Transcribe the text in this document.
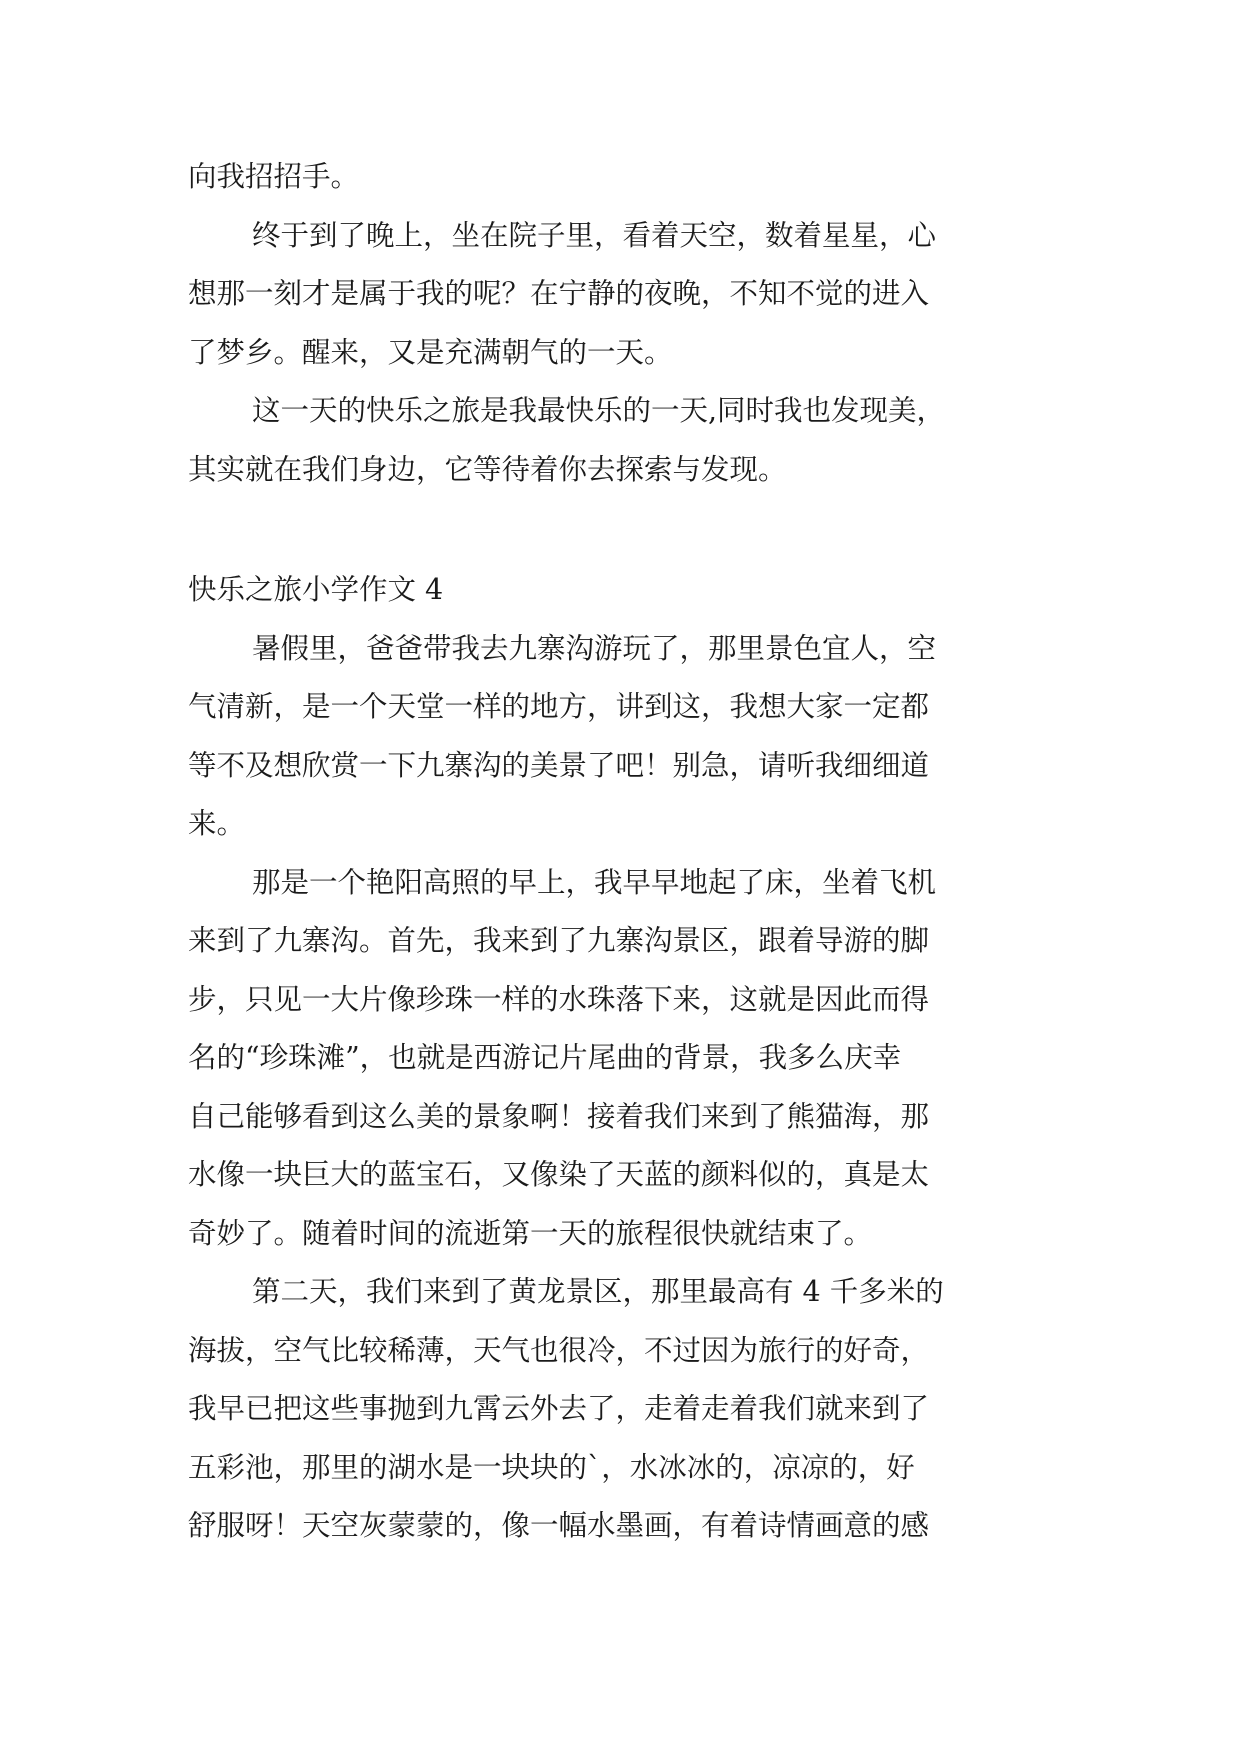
向我招招手。
终于到了晚上，坐在院子里，看着天空，数着星星，心
想那一刻才是属于我的呢？在宁静的夜晚，不知不觉的进入
了梦乡。醒来，又是充满朝气的一天。
这一天的快乐之旅是我最快乐的一天,同时我也发现美，
其实就在我们身边，它等待着你去探索与发现。
快乐之旅小学作文 4
暑假里，爸爸带我去九寨沟游玩了，那里景色宜人，空
气清新，是一个天堂一样的地方，讲到这，我想大家一定都
等不及想欣赏一下九寨沟的美景了吧！别急，请听我细细道
来。
那是一个艳阳高照的早上，我早早地起了床，坐着飞机
来到了九寨沟。首先，我来到了九寨沟景区，跟着导游的脚
步，只见一大片像珍珠一样的水珠落下来，这就是因此而得
名的“珍珠滩”，也就是西游记片尾曲的背景，我多么庆幸
自己能够看到这么美的景象啊！接着我们来到了熊猫海，那
水像一块巨大的蓝宝石，又像染了天蓝的颜料似的，真是太
奇妙了。随着时间的流逝第一天的旅程很快就结束了。
第二天，我们来到了黄龙景区，那里最高有 4 千多米的
海拔，空气比较稀薄，天气也很冷，不过因为旅行的好奇，
我早已把这些事抛到九霄云外去了，走着走着我们就来到了
五彩池，那里的湖水是一块块的`，水冰冰的，凉凉的，好
舒服呀！天空灰蒙蒙的，像一幅水墨画，有着诗情画意的感
